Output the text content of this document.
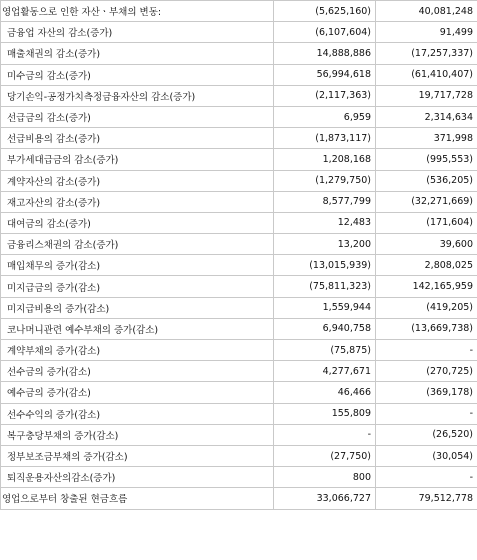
영업활동으로 인한 자산ㆍ부채의 변동:	(5,625,160)	40,081,248
금융업 자산의 감소(증가)	(6,107,604)	91,499
매출채권의 감소(증가)	14,888,886	(17,257,337)
미수금의 감소(증가)	56,994,618	(61,410,407)
당기손익-공정가치측정금융자산의 감소(증가)	(2,117,363)	19,717,728
선급금의 감소(증가)	6,959	2,314,634
선급비용의 감소(증가)	(1,873,117)	371,998
부가세대급금의 감소(증가)	1,208,168	(995,553)
계약자산의 감소(증가)	(1,279,750)	(536,205)
재고자산의 감소(증가)	8,577,799	(32,271,669)
대여금의 감소(증가)	12,483	(171,604)
금융리스채권의 감소(증가)	13,200	39,600
매입채무의 증가(감소)	(13,015,939)	2,808,025
미지급금의 증가(감소)	(75,811,323)	142,165,959
미지급비용의 증가(감소)	1,559,944	(419,205)
코나머니관련 예수부채의 증가(감소)	6,940,758	(13,669,738)
계약부채의 증가(감소)	(75,875)	-
선수금의 증가(감소)	4,277,671	(270,725)
예수금의 증가(감소)	46,466	(369,178)
선수수익의 증가(감소)	155,809	-
복구충당부채의 증가(감소)	-	(26,520)
정부보조금부채의 증가(감소)	(27,750)	(30,054)
퇴직운용자산의감소(증가)	800	-
영업으로부터 창출된 현금흐름	33,066,727	79,512,778
